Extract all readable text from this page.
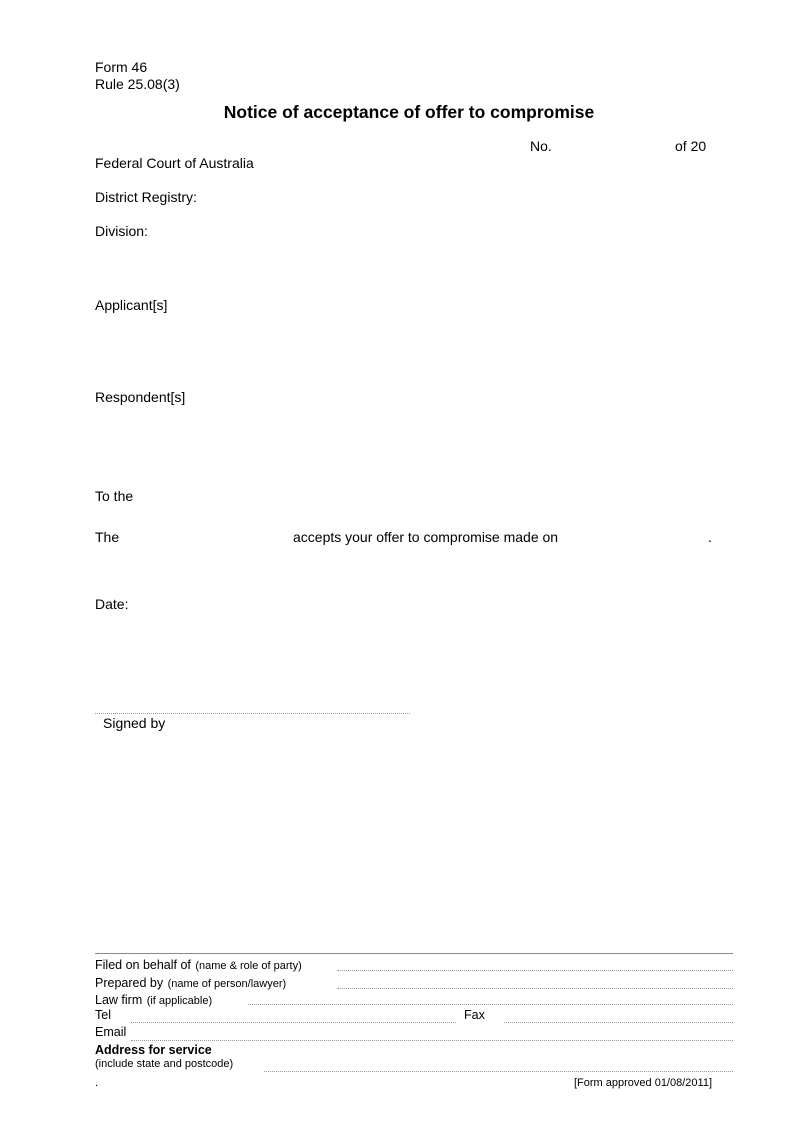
Form 46
Rule 25.08(3)
Notice of acceptance of offer to compromise
No.	of 20
Federal Court of Australia
District Registry:
Division:
Applicant[s]
Respondent[s]
To the
The	accepts your offer to compromise made on	.
Date:
Signed by
Filed on behalf of (name & role of party)
Prepared by (name of person/lawyer)
Law firm (if applicable)
Tel	Fax
Email
Address for service
(include state and postcode)
.	[Form approved 01/08/2011]
